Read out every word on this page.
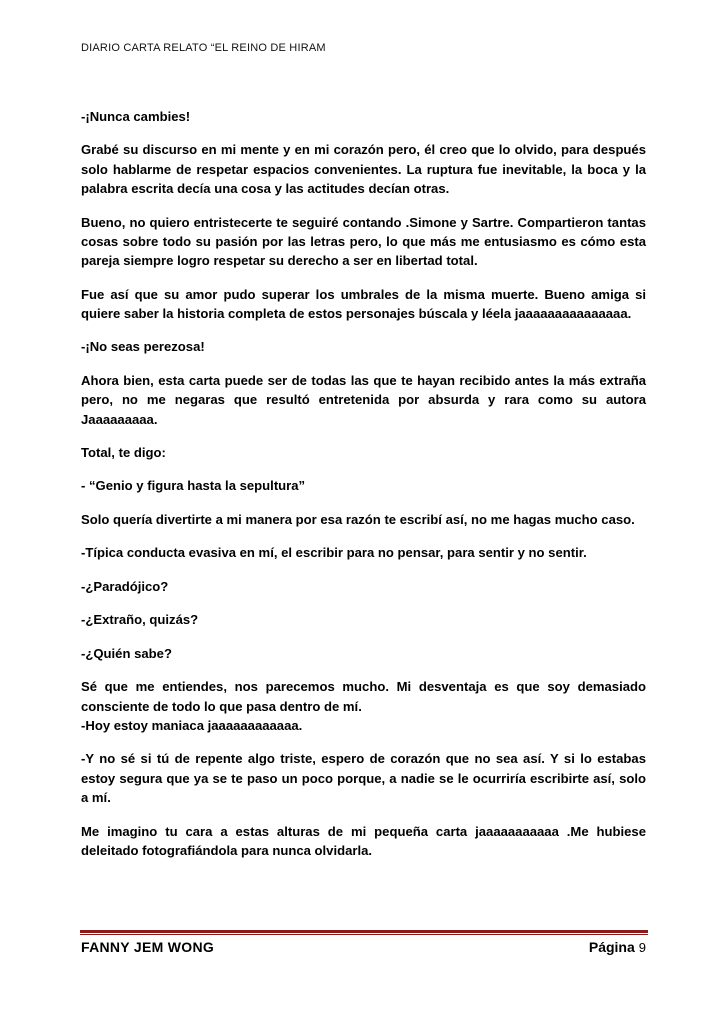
DIARIO CARTA RELATO “EL REINO DE HIRAM

-¡Nunca cambies!

Grabé su discurso en mi mente y en mi corazón pero, él creo que lo olvido, para después solo hablarme de respetar espacios convenientes. La ruptura fue inevitable, la boca y la palabra escrita decía una cosa y las actitudes decían otras.

Bueno, no quiero entristecerte te seguiré contando .Simone y Sartre. Compartieron tantas cosas sobre todo su pasión por las letras pero, lo que más me entusiasmo es cómo esta pareja siempre logro respetar su derecho a ser en libertad total.

Fue así que su amor pudo superar los umbrales de la misma muerte. Bueno amiga si quiere saber la historia completa de estos personajes búscala y léela jaaaaaaaaaaaaaaa.

-¡No seas perezosa!

Ahora bien, esta carta puede ser de todas las que te hayan recibido antes la más extraña pero, no me negaras que resultó entretenida por absurda y rara como su autora Jaaaaaaaaa.

Total, te digo:

- “Genio y figura hasta la sepultura”

Solo quería divertirte a mi manera por esa razón te escribí así, no me hagas mucho caso.

-Típica conducta evasiva en mí, el escribir para no pensar, para sentir y no sentir.

-¿Paradójico?

-¿Extraño, quizás?

-¿Quién sabe?

Sé que me entiendes, nos parecemos mucho. Mi desventaja es que soy demasiado consciente de todo lo que pasa dentro de mí.
-Hoy estoy maniaca jaaaaaaaaaaaa.

-Y no sé si tú de repente algo triste, espero de corazón que no sea así. Y si lo estabas estoy segura que ya se te paso un poco porque, a nadie se le ocurriría escribirte así, solo a mí.

Me imagino tu cara a estas alturas de mi pequeña carta jaaaaaaaaaaa .Me hubiese deleitado fotografiándola para nunca olvidarla.

FANNY JEM WONG	Página 9
